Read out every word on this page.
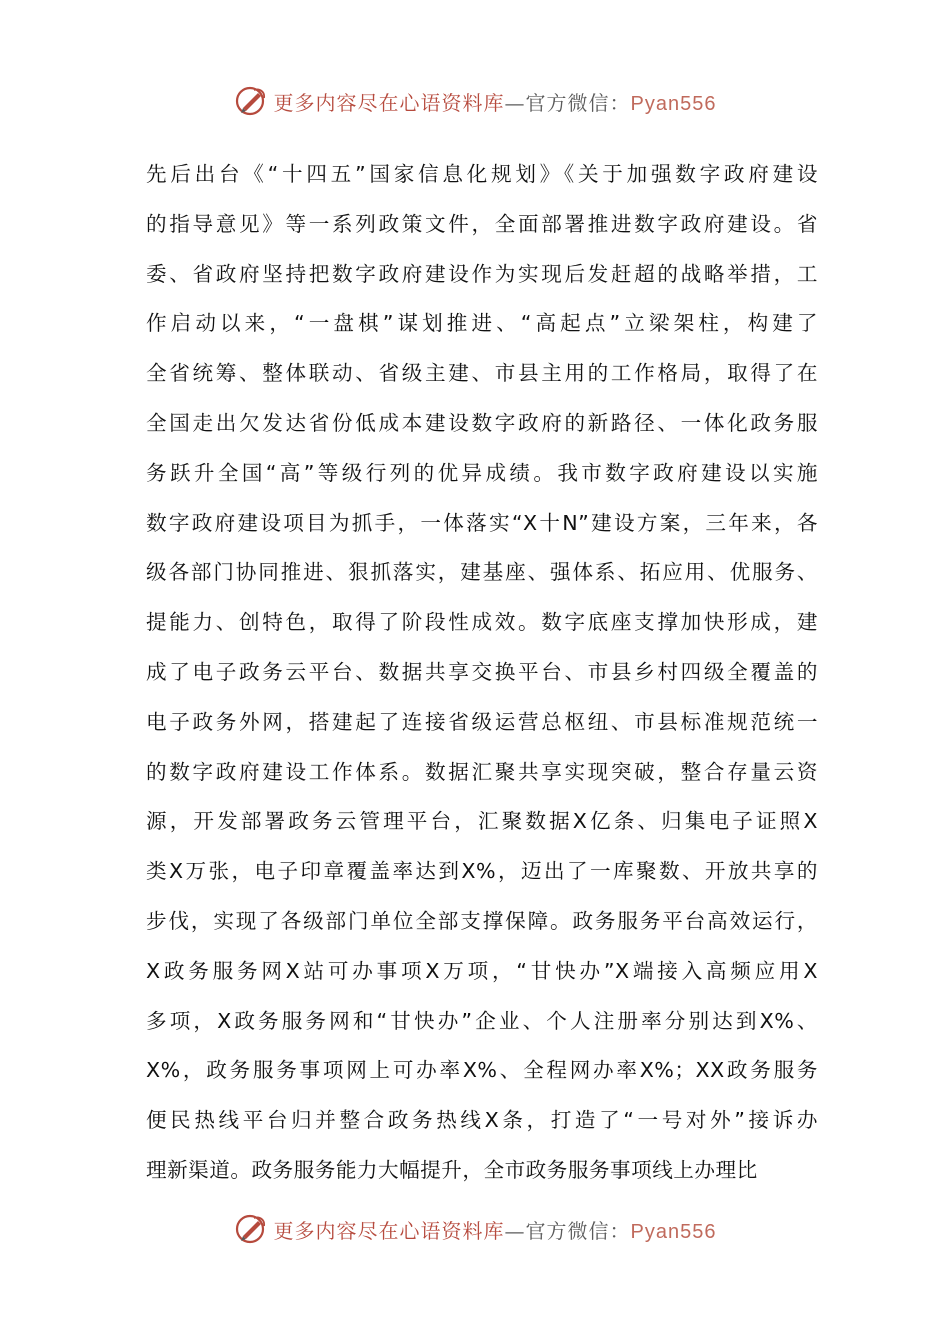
更多内容尽在心语资料库—官方微信：Pyan556
先后出台《“十四五”国家信息化规划》《关于加强数字政府建设
的指导意见》等一系列政策文件，全面部署推进数字政府建设。省
委、省政府坚持把数字政府建设作为实现后发赶超的战略举措，工
作启动以来，“一盘棋”谋划推进、“高起点”立梁架柱，构建了
全省统筹、整体联动、省级主建、市县主用的工作格局，取得了在
全国走出欠发达省份低成本建设数字政府的新路径、一体化政务服
务跃升全国“高”等级行列的优异成绩。我市数字政府建设以实施
数字政府建设项目为抓手，一体落实“X十N”建设方案，三年来，各
级各部门协同推进、狠抓落实，建基座、强体系、拓应用、优服务、
提能力、创特色，取得了阶段性成效。数字底座支撑加快形成，建
成了电子政务云平台、数据共享交换平台、市县乡村四级全覆盖的
电子政务外网，搭建起了连接省级运营总枢纽、市县标准规范统一
的数字政府建设工作体系。数据汇聚共享实现突破，整合存量云资
源，开发部署政务云管理平台，汇聚数据X亿条、归集电子证照X
类X万张，电子印章覆盖率达到X%，迈出了一库聚数、开放共享的
步伐，实现了各级部门单位全部支撑保障。政务服务平台高效运行，
X政务服务网X站可办事项X万项，“甘快办”X端接入高频应用X
多项，X政务服务网和“甘快办”企业、个人注册率分别达到X%、
X%，政务服务事项网上可办率X%、全程网办率X%；XX政务服务
便民热线平台归并整合政务热线X条，打造了“一号对外”接诉办
理新渠道。政务服务能力大幅提升，全市政务服务事项线上办理比
更多内容尽在心语资料库—官方微信：Pyan556
